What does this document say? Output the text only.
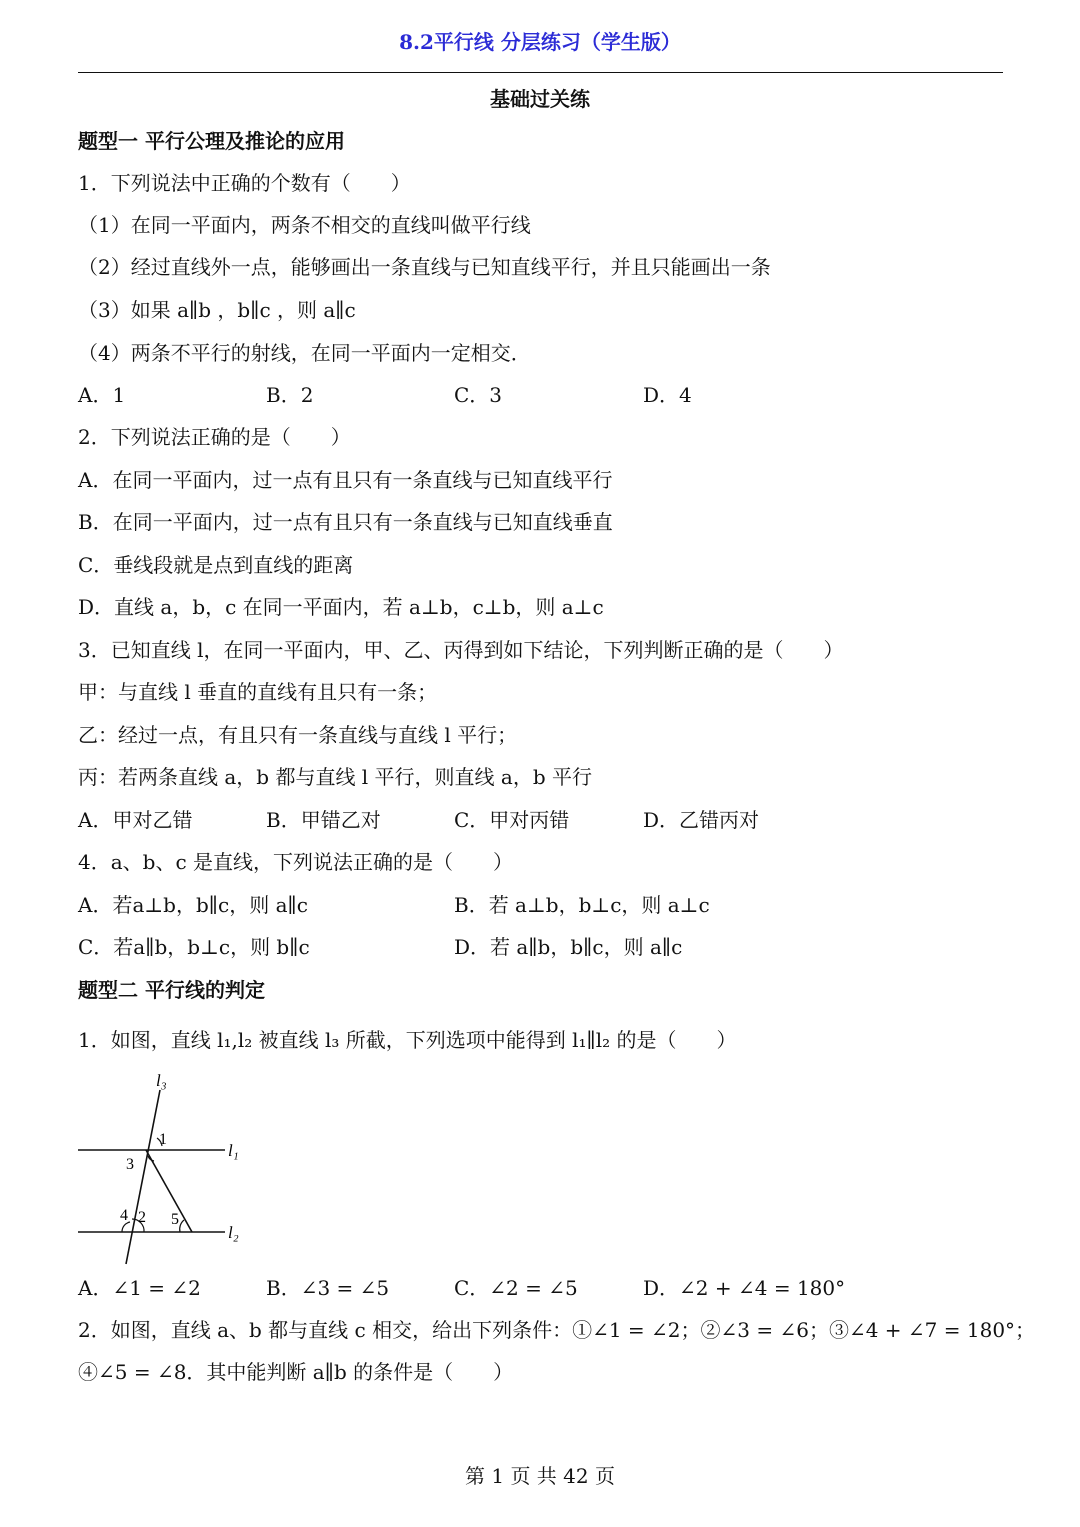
8.2平行线 分层练习（学生版）
基础过关练
题型一 平行公理及推论的应用
1．下列说法中正确的个数有（　　）
（1）在同一平面内，两条不相交的直线叫做平行线
（2）经过直线外一点，能够画出一条直线与已知直线平行，并且只能画出一条
（3）如果 a∥b ，b∥c ，则 a∥c
（4）两条不平行的射线，在同一平面内一定相交．
A．1	B．2	C．3	D．4
2．下列说法正确的是（　　）
A．在同一平面内，过一点有且只有一条直线与已知直线平行
B．在同一平面内，过一点有且只有一条直线与已知直线垂直
C．垂线段就是点到直线的距离
D．直线 a，b，c 在同一平面内，若 a⊥b，c⊥b，则 a⊥c
3．已知直线 l，在同一平面内，甲、乙、丙得到如下结论，下列判断正确的是（　　）
甲：与直线 l 垂直的直线有且只有一条；
乙：经过一点，有且只有一条直线与直线 l 平行；
丙：若两条直线 a，b 都与直线 l 平行，则直线 a，b 平行
A．甲对乙错	B．甲错乙对	C．甲对丙错	D．乙错丙对
4．a、b、c 是直线，下列说法正确的是（　　）
A．若a⊥b，b∥c，则 a∥c	B．若 a⊥b，b⊥c，则 a⊥c
C．若a∥b，b⊥c，则 b∥c	D．若 a∥b，b∥c，则 a∥c
题型二 平行线的判定
1．如图，直线 l₁,l₂ 被直线 l₃ 所截，下列选项中能得到 l₁∥l₂ 的是（　　）
l₃
l₁
l₂
1
3
4 2 5
A．∠1 = ∠2	B．∠3 = ∠5	C．∠2 = ∠5	D．∠2 + ∠4 = 180°
2．如图，直线 a、b 都与直线 c 相交，给出下列条件：①∠1 = ∠2；②∠3 = ∠6；③∠4 + ∠7 = 180°；
④∠5 = ∠8．其中能判断 a∥b 的条件是（　　）
第 1 页 共 42 页
